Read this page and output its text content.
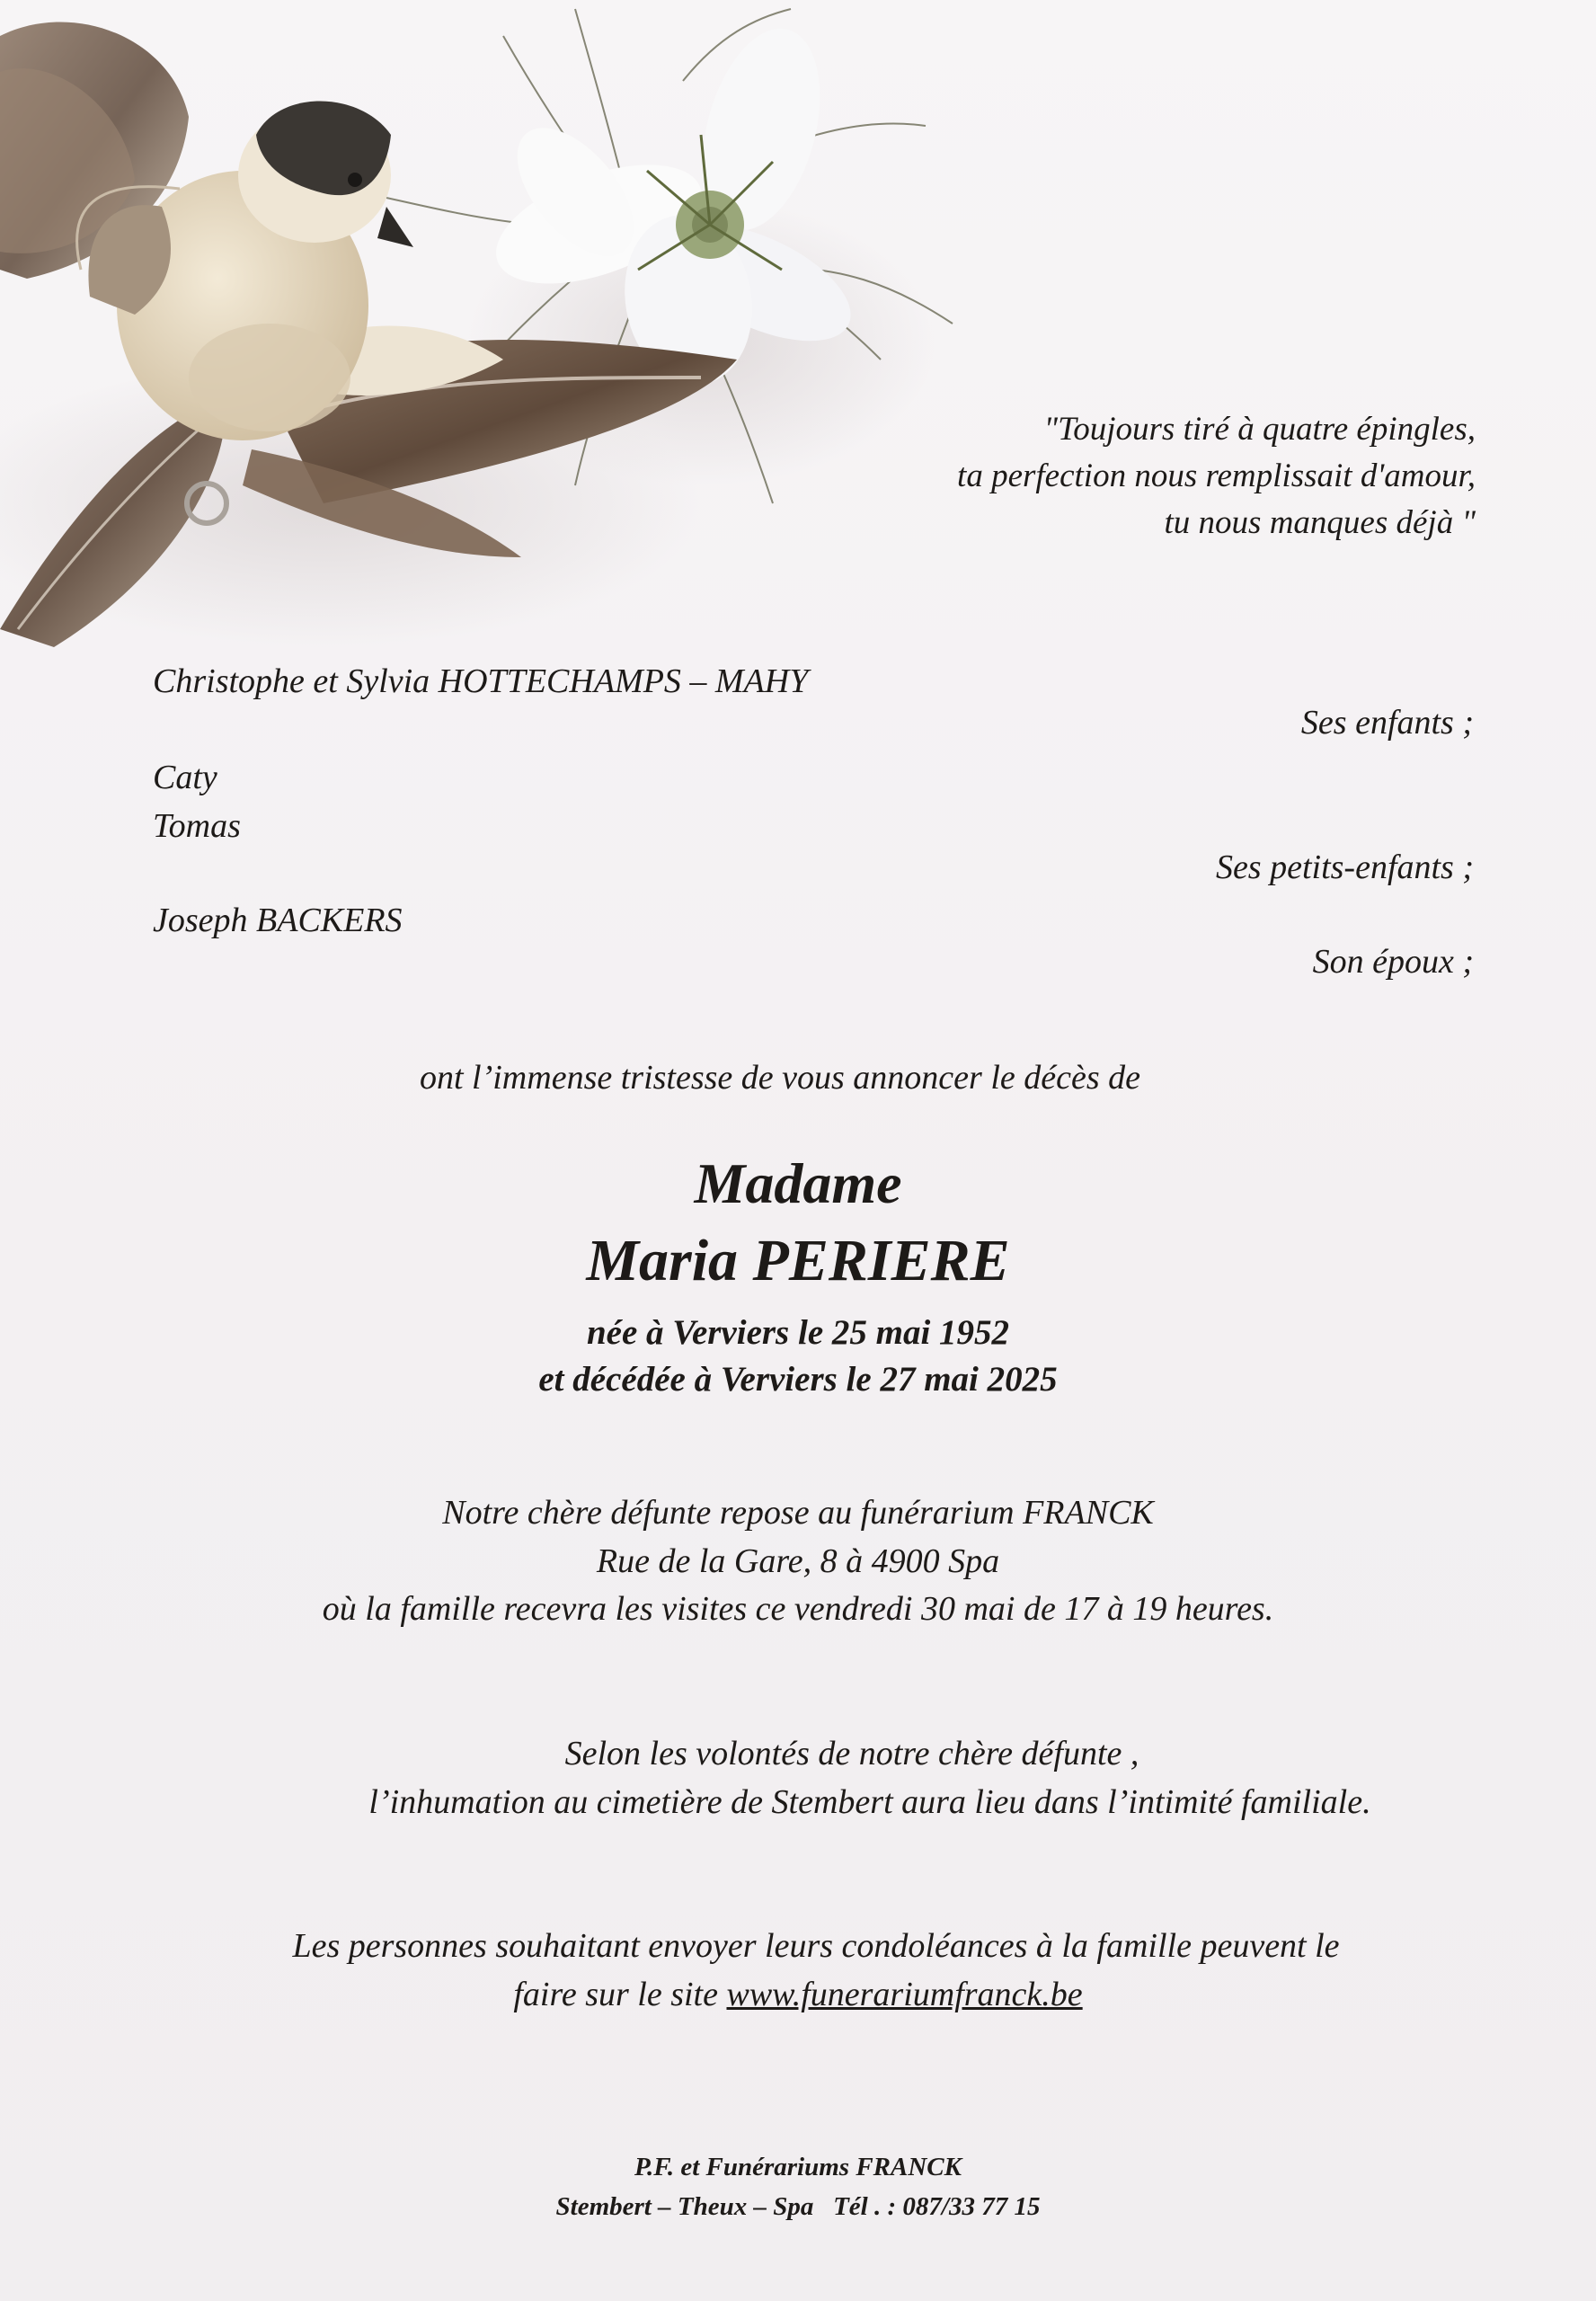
"Toujours tiré à quatre épingles,
ta perfection nous remplissait d'amour,
tu nous manques déjà "
Christophe et Sylvia HOTTECHAMPS – MAHY
Ses enfants ;
Caty
Tomas
Ses petits-enfants ;
Joseph BACKERS
Son époux ;
ont l’immense tristesse de vous annoncer le décès de
Madame
Maria PERIERE
née à Verviers le 25 mai 1952
et décédée à Verviers le 27 mai 2025
Notre chère défunte repose au funérarium FRANCK
Rue de la Gare, 8 à 4900 Spa
où la famille recevra les visites ce vendredi 30 mai de 17 à 19 heures.
Selon les volontés de notre chère défunte ,
l’inhumation au cimetière de Stembert aura lieu dans l’intimité familiale.
Les personnes souhaitant envoyer leurs condoléances à la famille peuvent le
faire sur le site www.funerariumfranck.be
P.F. et Funérariums FRANCK
Stembert – Theux – Spa   Tél . : 087/33 77 15
